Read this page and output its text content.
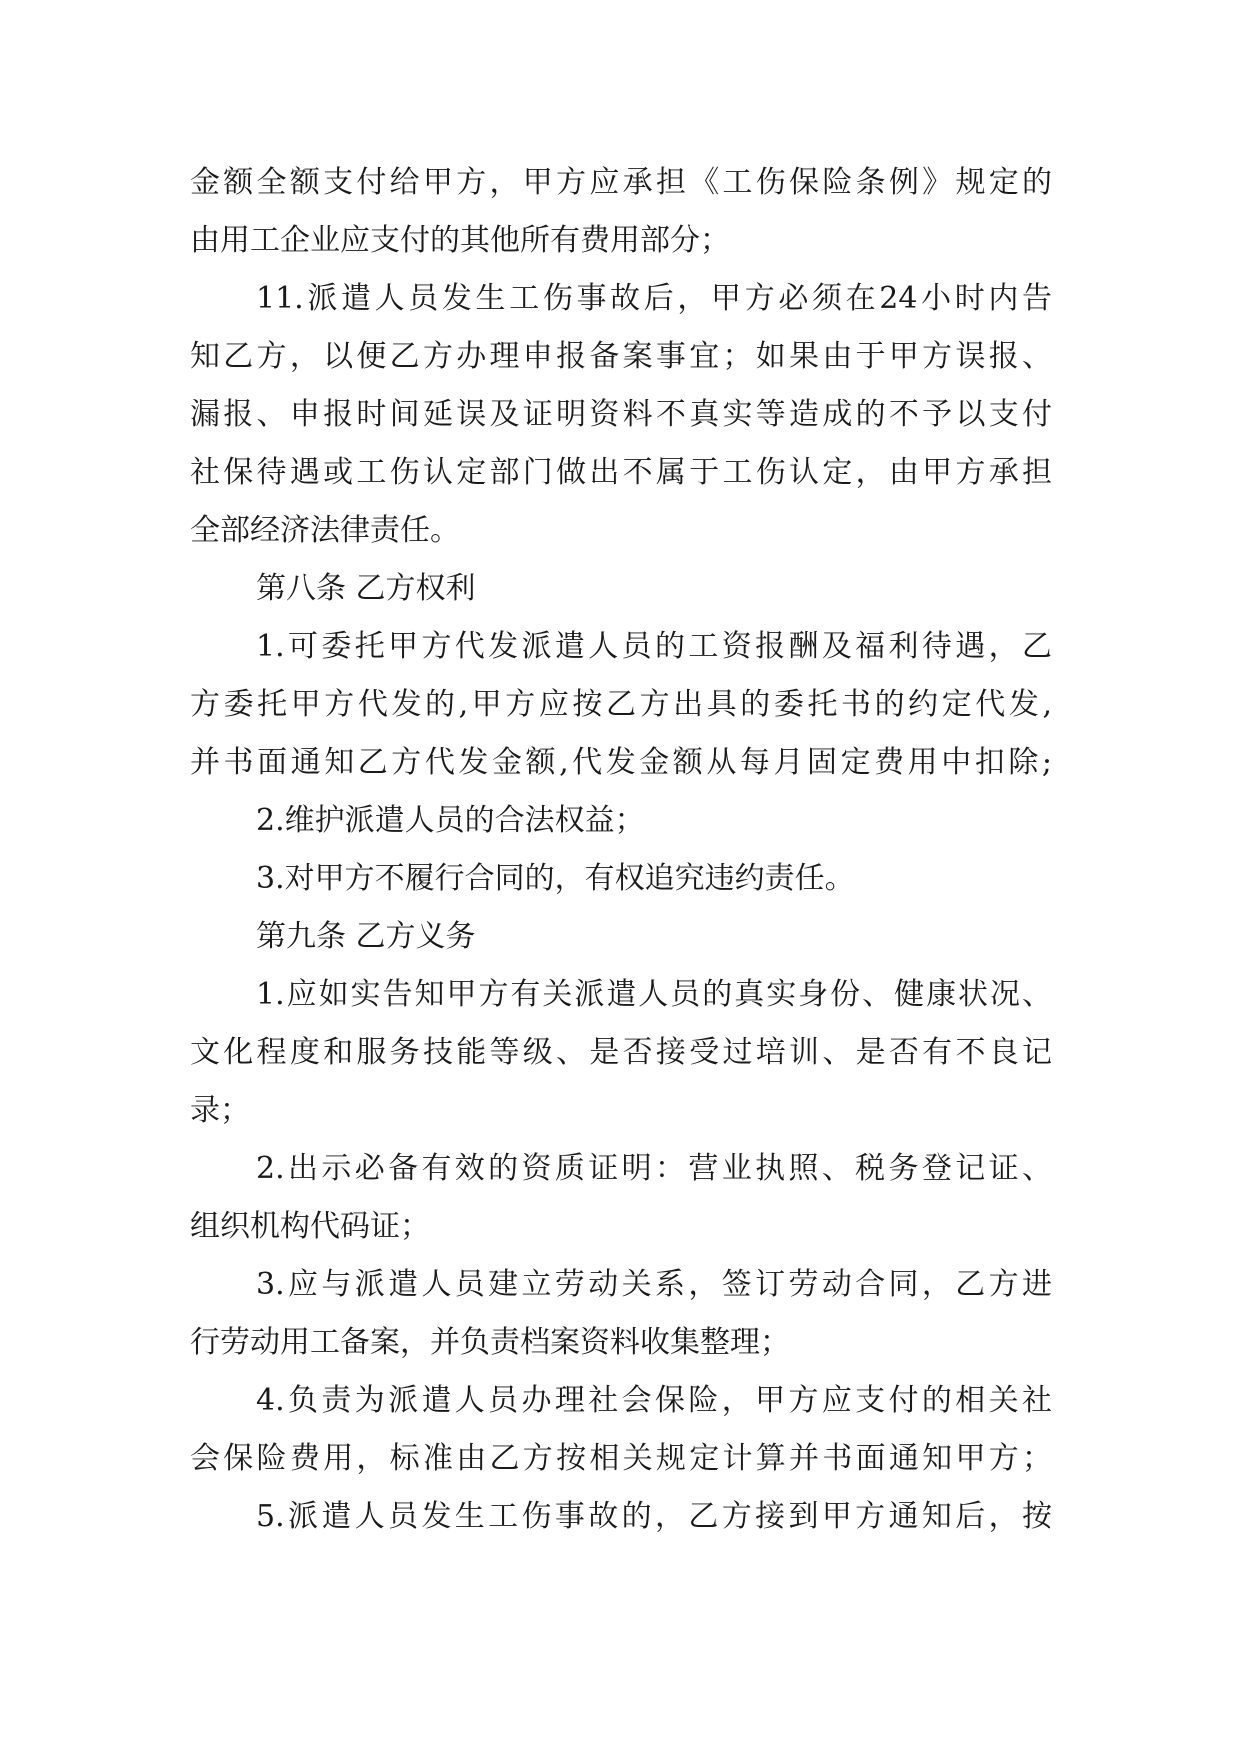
金额全额支付给甲方，甲方应承担《工伤保险条例》规定的
由用工企业应支付的其他所有费用部分；
11.派遣人员发生工伤事故后，甲方必须在24小时内告
知乙方，以便乙方办理申报备案事宜；如果由于甲方误报、
漏报、申报时间延误及证明资料不真实等造成的不予以支付
社保待遇或工伤认定部门做出不属于工伤认定，由甲方承担
全部经济法律责任。
第八条 乙方权利
1.可委托甲方代发派遣人员的工资报酬及福利待遇，乙
方委托甲方代发的,甲方应按乙方出具的委托书的约定代发,
并书面通知乙方代发金额,代发金额从每月固定费用中扣除;
2.维护派遣人员的合法权益；
3.对甲方不履行合同的，有权追究违约责任。
第九条 乙方义务
1.应如实告知甲方有关派遣人员的真实身份、健康状况、
文化程度和服务技能等级、是否接受过培训、是否有不良记
录；
2.出示必备有效的资质证明：营业执照、税务登记证、
组织机构代码证；
3.应与派遣人员建立劳动关系，签订劳动合同，乙方进
行劳动用工备案，并负责档案资料收集整理；
4.负责为派遣人员办理社会保险，甲方应支付的相关社
会保险费用，标准由乙方按相关规定计算并书面通知甲方；
5.派遣人员发生工伤事故的，乙方接到甲方通知后，按
